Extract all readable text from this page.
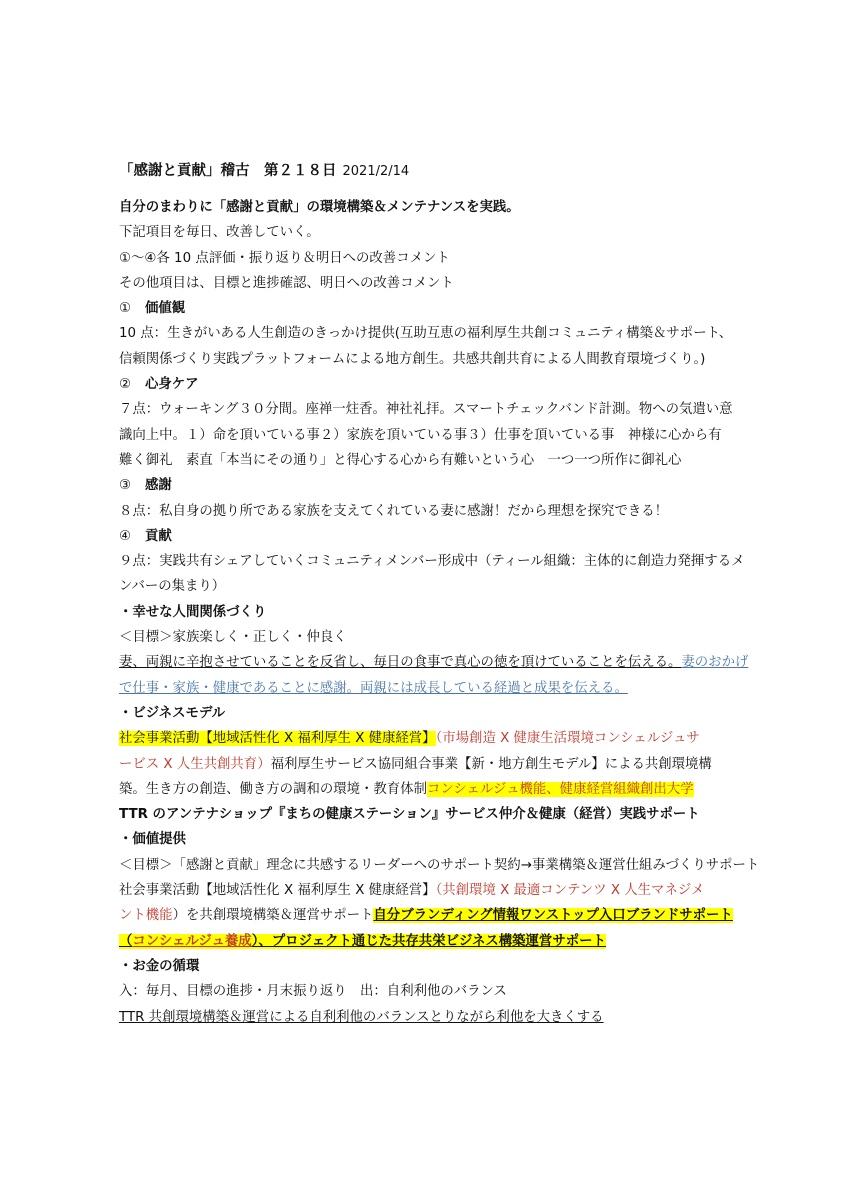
「感謝と貢献」稽古　第２１８日 2021/2/14
自分のまわりに「感謝と貢献」の環境構築＆メンテナンスを実践。
下記項目を毎日、改善していく。
①～④各 10 点評価・振り返り＆明日への改善コメント
その他項目は、目標と進捗確認、明日への改善コメント
① 価値観
10 点：生きがいある人生創造のきっかけ提供(互助互恵の福利厚生共創コミュニティ構築＆サポート、
信頼関係づくり実践プラットフォームによる地方創生。共感共創共育による人間教育環境づくり。)
② 心身ケア
７点：ウォーキング３０分間。座禅一炷香。神社礼拝。スマートチェックバンド計測。物への気遣い意
識向上中。１）命を頂いている事２）家族を頂いている事３）仕事を頂いている事　神様に心から有
難く御礼　素直「本当にその通り」と得心する心から有難いという心　一つ一つ所作に御礼心
③ 感謝
８点：私自身の拠り所である家族を支えてくれている妻に感謝！だから理想を探究できる！
④ 貢献
９点：実践共有シェアしていくコミュニティメンバー形成中（ティール組織：主体的に創造力発揮するメ
ンバーの集まり）
・幸せな人間関係づくり
＜目標＞家族楽しく・正しく・仲良く
妻、両親に辛抱させていることを反省し、毎日の食事で真心の徳を頂けていることを伝える。妻のおかげ
で仕事・家族・健康であることに感謝。両親には成長している経過と成果を伝える。
・ビジネスモデル
社会事業活動【地域活性化 X 福利厚生 X 健康経営】（市場創造 X 健康生活環境コンシェルジュサ
ービス X 人生共創共育）福利厚生サービス協同組合事業【新・地方創生モデル】による共創環境構
築。生き方の創造、働き方の調和の環境・教育体制コンシェルジュ機能、健康経営組織創出大学
TTR のアンテナショップ『まちの健康ステーション』サービス仲介＆健康（経営）実践サポート
・価値提供
＜目標＞「感謝と貢献」理念に共感するリーダーへのサポート契約→事業構築＆運営仕組みづくりサポート
社会事業活動【地域活性化 X 福利厚生 X 健康経営】（共創環境 X 最適コンテンツ X 人生マネジメ
ント機能）を共創環境構築＆運営サポート自分ブランディング情報ワンストップ入口ブランドサポート
（コンシェルジュ養成）、プロジェクト通じた共存共栄ビジネス構築運営サポート
・お金の循環
入：毎月、目標の進捗・月末振り返り　出：自利利他のバランス
TTR 共創環境構築＆運営による自利利他のバランスとりながら利他を大きくする
